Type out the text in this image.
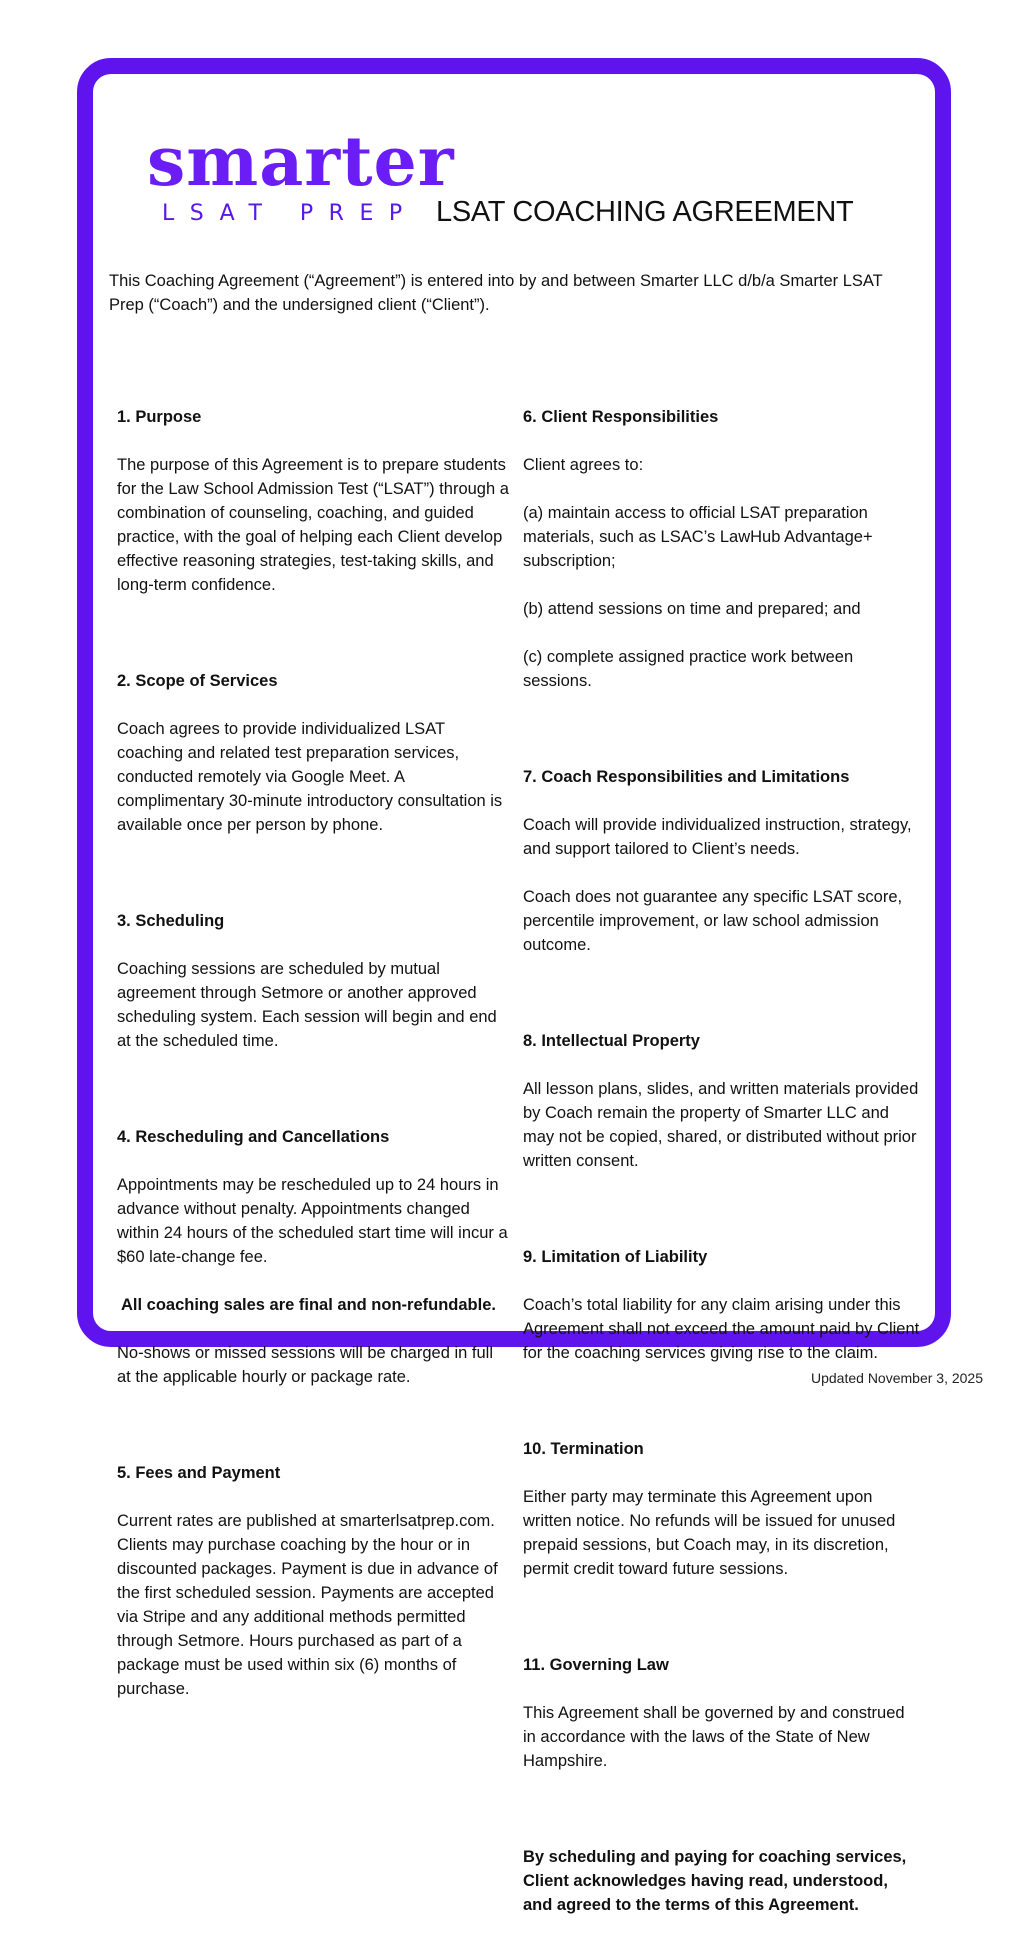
smarter
LSAT PREP LSAT COACHING AGREEMENT

This Coaching Agreement (“Agreement”) is entered into by and between Smarter LLC d/b/a Smarter LSAT Prep (“Coach”) and the undersigned client (“Client”).

1. Purpose

The purpose of this Agreement is to prepare students for the Law School Admission Test (“LSAT”) through a combination of counseling, coaching, and guided practice, with the goal of helping each Client develop effective reasoning strategies, test-taking skills, and long-term confidence.

2. Scope of Services

Coach agrees to provide individualized LSAT coaching and related test preparation services, conducted remotely via Google Meet. A complimentary 30-minute introductory consultation is available once per person by phone.

3. Scheduling

Coaching sessions are scheduled by mutual agreement through Setmore or another approved scheduling system. Each session will begin and end at the scheduled time.

4. Rescheduling and Cancellations

Appointments may be rescheduled up to 24 hours in advance without penalty. Appointments changed within 24 hours of the scheduled start time will incur a $60 late-change fee.

All coaching sales are final and non-refundable.

No-shows or missed sessions will be charged in full at the applicable hourly or package rate.

5. Fees and Payment

Current rates are published at smarterlsatprep.com. Clients may purchase coaching by the hour or in discounted packages. Payment is due in advance of the first scheduled session. Payments are accepted via Stripe and any additional methods permitted through Setmore. Hours purchased as part of a package must be used within six (6) months of purchase.

6. Client Responsibilities

Client agrees to:

(a) maintain access to official LSAT preparation materials, such as LSAC’s LawHub Advantage+ subscription;

(b) attend sessions on time and prepared; and

(c) complete assigned practice work between sessions.

7. Coach Responsibilities and Limitations

Coach will provide individualized instruction, strategy, and support tailored to Client’s needs.

Coach does not guarantee any specific LSAT score, percentile improvement, or law school admission outcome.

8. Intellectual Property

All lesson plans, slides, and written materials provided by Coach remain the property of Smarter LLC and may not be copied, shared, or distributed without prior written consent.

9. Limitation of Liability

Coach’s total liability for any claim arising under this Agreement shall not exceed the amount paid by Client for the coaching services giving rise to the claim.

10. Termination

Either party may terminate this Agreement upon written notice. No refunds will be issued for unused prepaid sessions, but Coach may, in its discretion, permit credit toward future sessions.

11. Governing Law

This Agreement shall be governed by and construed in accordance with the laws of the State of New Hampshire.

By scheduling and paying for coaching services, Client acknowledges having read, understood, and agreed to the terms of this Agreement.

Updated November 3, 2025
